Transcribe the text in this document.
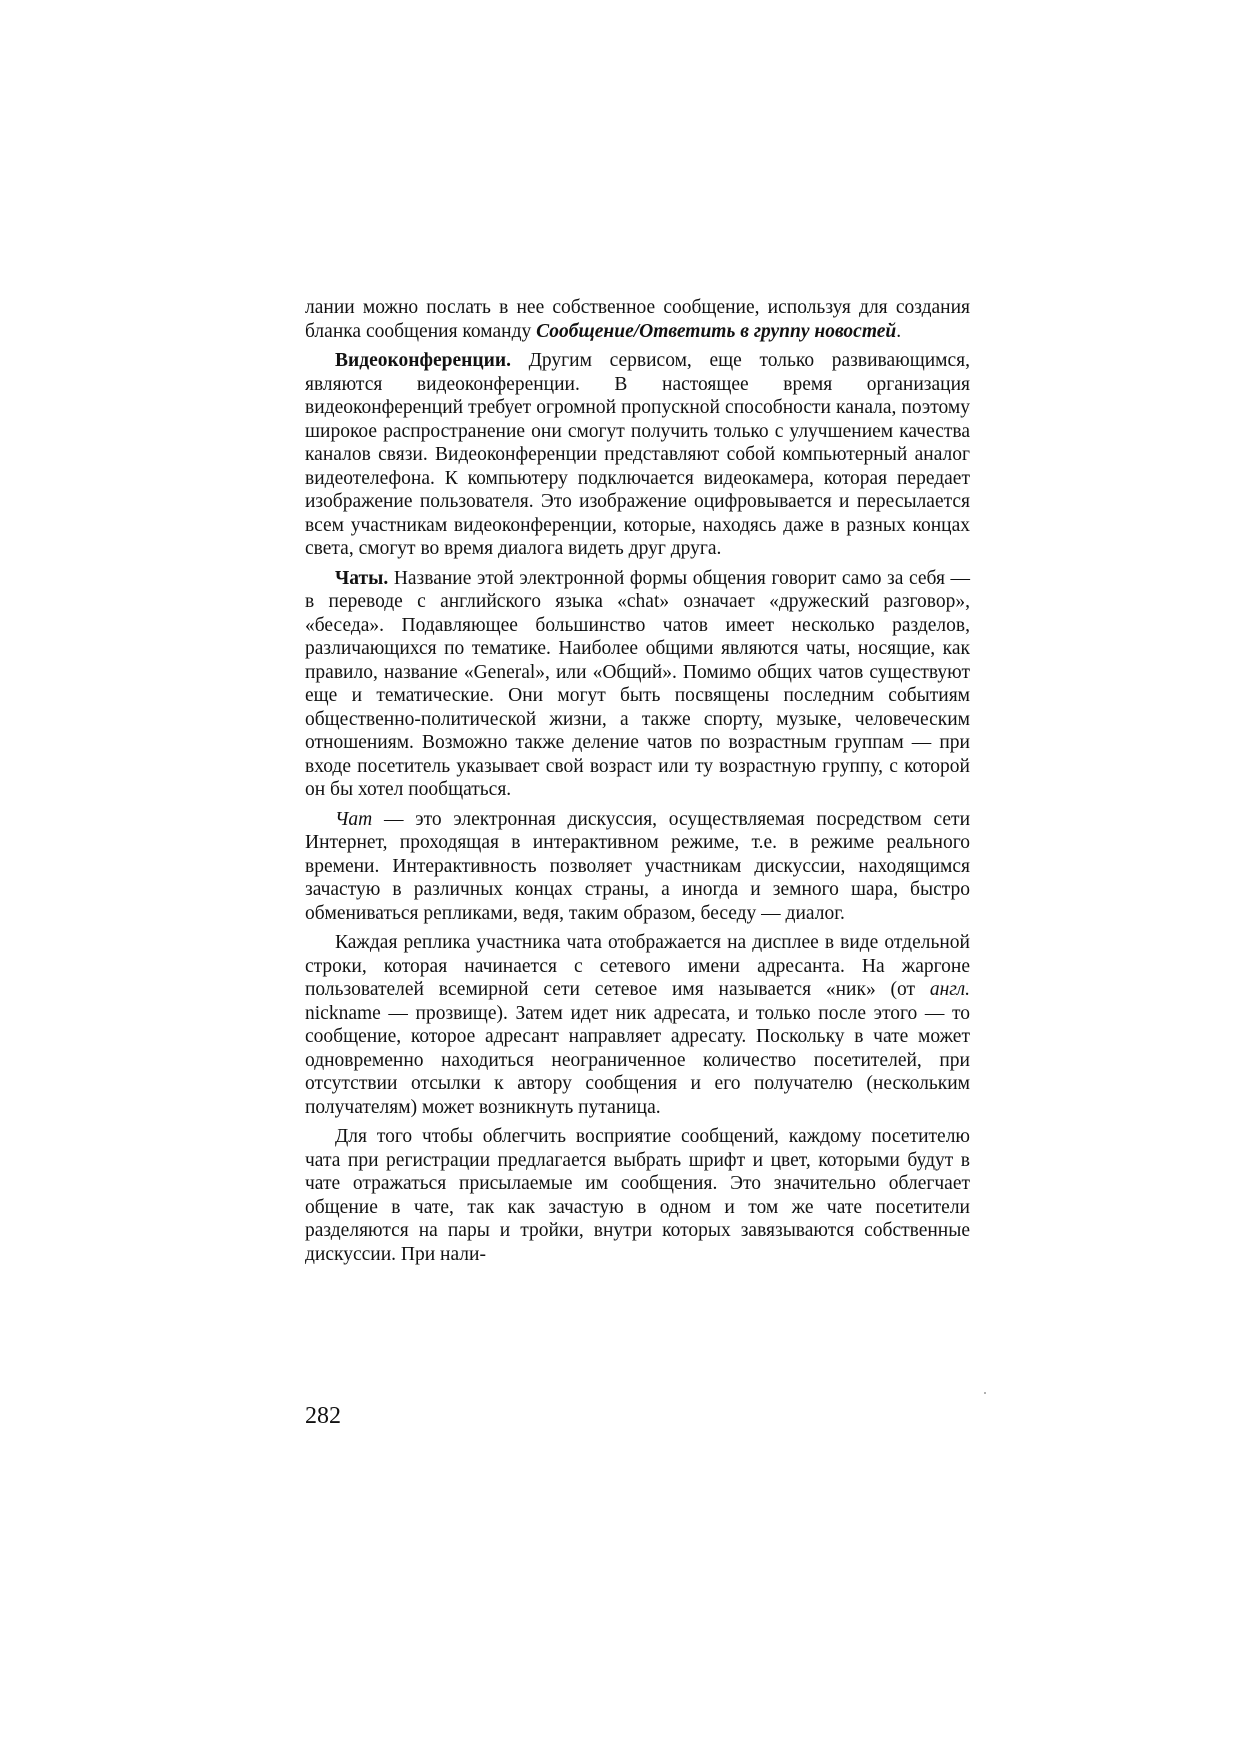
лании можно послать в нее собственное сообщение, используя для создания бланка сообщения команду Сообщение/Ответить в группу новостей.

Видеоконференции. Другим сервисом, еще только развивающимся, являются видеоконференции. В настоящее время организация видеоконференций требует огромной пропускной способности канала, поэтому широкое распространение они смогут получить только с улучшением качества каналов связи. Видеоконференции представляют собой компьютерный аналог видеотелефона. К компьютеру подключается видеокамера, которая передает изображение пользователя. Это изображение оцифровывается и пересылается всем участникам видеоконференции, которые, находясь даже в разных концах света, смогут во время диалога видеть друг друга.

Чаты. Название этой электронной формы общения говорит само за себя — в переводе с английского языка «chat» означает «дружеский разговор», «беседа». Подавляющее большинство чатов имеет несколько разделов, различающихся по тематике. Наиболее общими являются чаты, носящие, как правило, название «General», или «Общий». Помимо общих чатов существуют еще и тематические. Они могут быть посвящены последним событиям общественно-политической жизни, а также спорту, музыке, человеческим отношениям. Возможно также деление чатов по возрастным группам — при входе посетитель указывает свой возраст или ту возрастную группу, с которой он бы хотел пообщаться.

Чат — это электронная дискуссия, осуществляемая посредством сети Интернет, проходящая в интерактивном режиме, т.е. в режиме реального времени. Интерактивность позволяет участникам дискуссии, находящимся зачастую в различных концах страны, а иногда и земного шара, быстро обмениваться репликами, ведя, таким образом, беседу — диалог.

Каждая реплика участника чата отображается на дисплее в виде отдельной строки, которая начинается с сетевого имени адресанта. На жаргоне пользователей всемирной сети сетевое имя называется «ник» (от англ. nickname — прозвище). Затем идет ник адресата, и только после этого — то сообщение, которое адресант направляет адресату. Поскольку в чате может одновременно находиться неограниченное количество посетителей, при отсутствии отсылки к автору сообщения и его получателю (нескольким получателям) может возникнуть путаница.

Для того чтобы облегчить восприятие сообщений, каждому посетителю чата при регистрации предлагается выбрать шрифт и цвет, которыми будут в чате отражаться присылаемые им сообщения. Это значительно облегчает общение в чате, так как зачастую в одном и том же чате посетители разделяются на пары и тройки, внутри которых завязываются собственные дискуссии. При нали-

282
